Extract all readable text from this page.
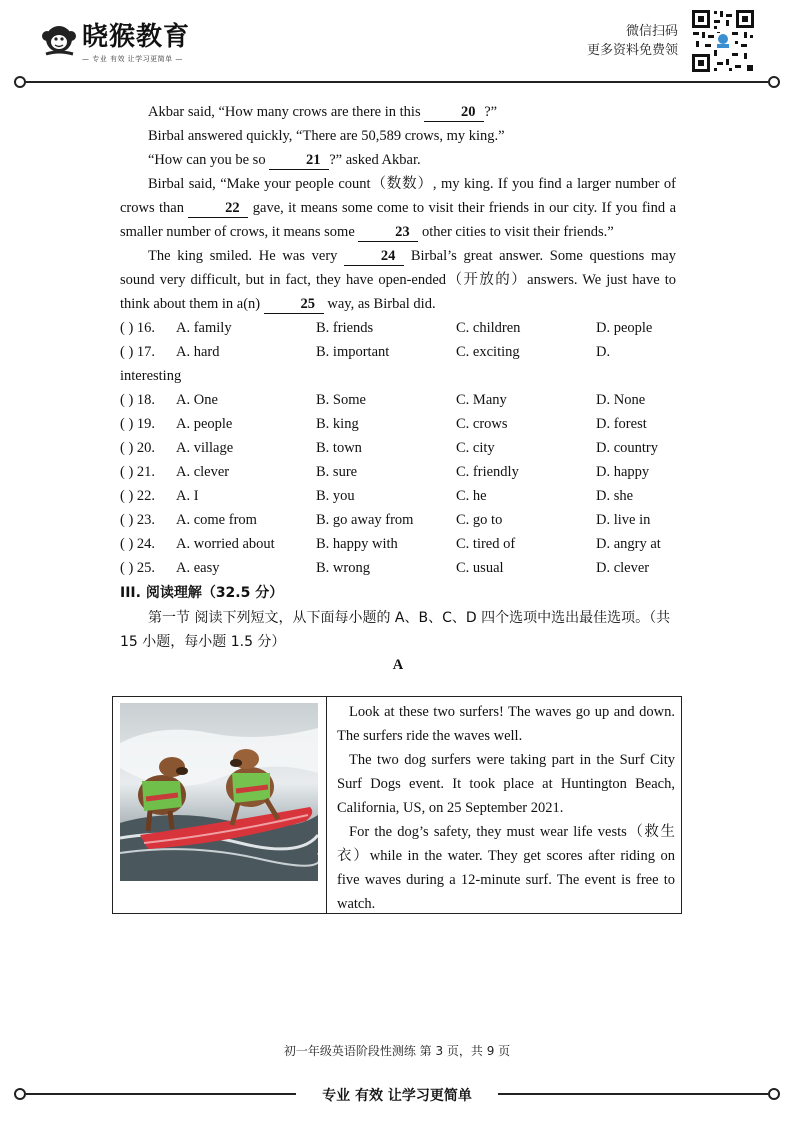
晓猴教育
— 专业 有效 让学习更简单 —
微信扫码
更多资料免费领

Akbar said, “How many crows are there in this	20 ?”

Birbal answered quickly, “There are 50,589 crows, my king.”

“How can you be so	21 ?” asked Akbar.

Birbal said, “Make your people count（数数）, my king. If you find a larger number of crows than	22 gave, it means some come to visit their friends in our city. If you find a smaller number of crows, it means some	23 other cities to visit their friends.”

The king smiled. He was very	24 Birbal’s great answer. Some questions may sound very difficult, but in fact, they have open-ended（开放的）answers. We just have to think about them in a(n)	25 way, as Birbal did.

( ) 16.	A. family	B. friends	C. children	D. people
( ) 17.	A. hard	B. important	C. exciting	D.
interesting
( ) 18.	A. One	B. Some	C. Many	D. None
( ) 19.	A. people	B. king	C. crows	D. forest
( ) 20.	A. village	B. town	C. city	D. country
( ) 21.	A. clever	B. sure	C. friendly	D. happy
( ) 22.	A. I	B. you	C. he	D. she
( ) 23.	A. come from	B. go away from	C. go to	D. live in
( ) 24.	A. worried about	B. happy with	C. tired of	D. angry at
( ) 25.	A. easy	B. wrong	C. usual	D. clever
III. 阅读理解（32.5 分）

第一节 阅读下列短文，从下面每小题的 A、B、C、D 四个选项中选出最佳选项。（共 15 小题，每小题 1.5 分）

A

Look at these two surfers! The waves go up and down. The surfers ride the waves well.

The two dog surfers were taking part in the Surf City Surf Dogs event. It took place at Huntington Beach, California, US, on 25 September 2021.

For the dog’s safety, they must wear life vests（救生衣）while in the water. They get scores after riding on five waves during a 12-minute surf. The event is free to watch.

初一年级英语阶段性测练 第 3 页，共 9 页
专业 有效 让学习更简单
